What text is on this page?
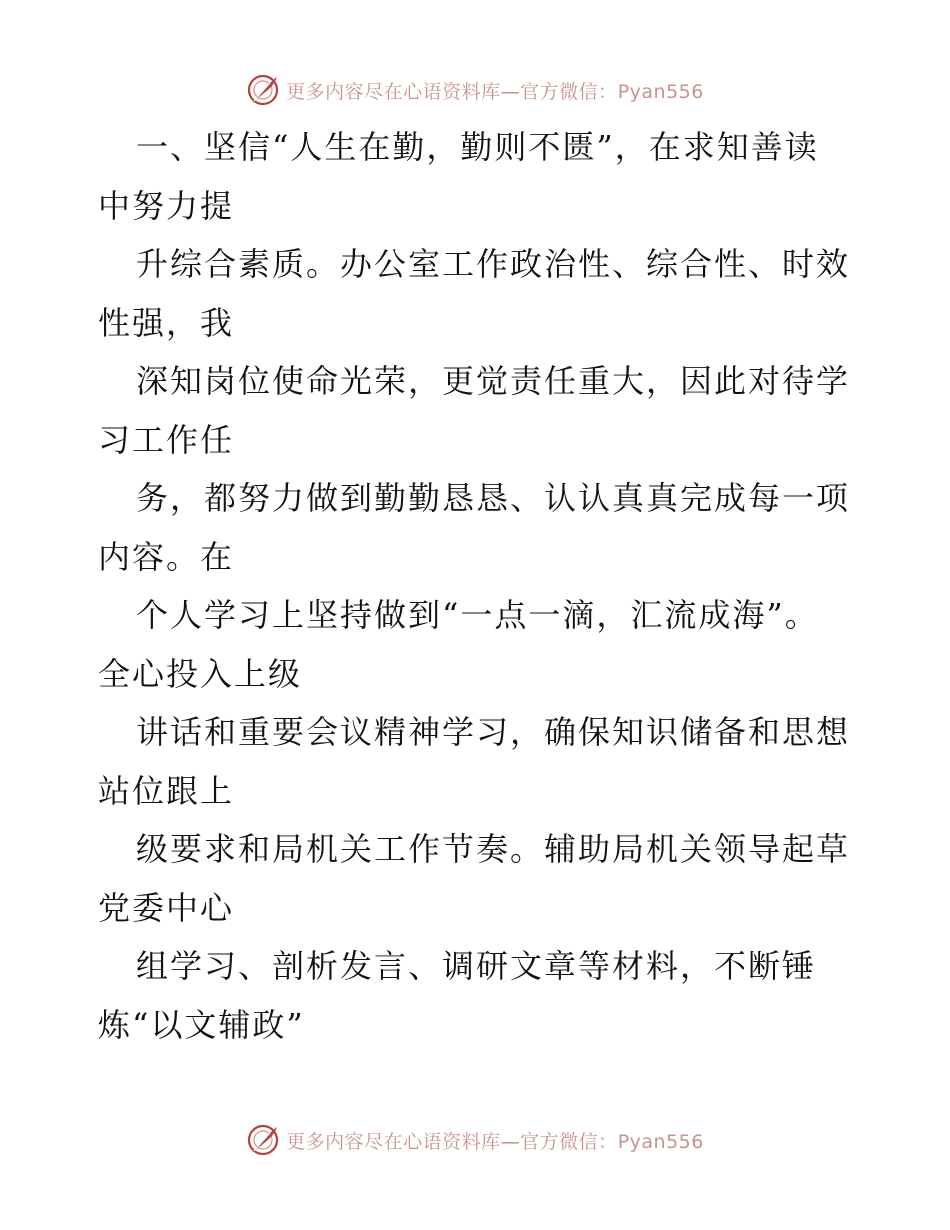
更多内容尽在心语资料库—官方微信：Pyan556
一、坚信“人生在勤，勤则不匮”，在求知善读
中努力提
升综合素质。办公室工作政治性、综合性、时效
性强，我
深知岗位使命光荣，更觉责任重大，因此对待学
习工作任
务，都努力做到勤勤恳恳、认认真真完成每一项
内容。在
个人学习上坚持做到“一点一滴，汇流成海”。
全心投入上级
讲话和重要会议精神学习，确保知识储备和思想
站位跟上
级要求和局机关工作节奏。辅助局机关领导起草
党委中心
组学习、剖析发言、调研文章等材料，不断锤
炼“以文辅政”
更多内容尽在心语资料库—官方微信：Pyan556
